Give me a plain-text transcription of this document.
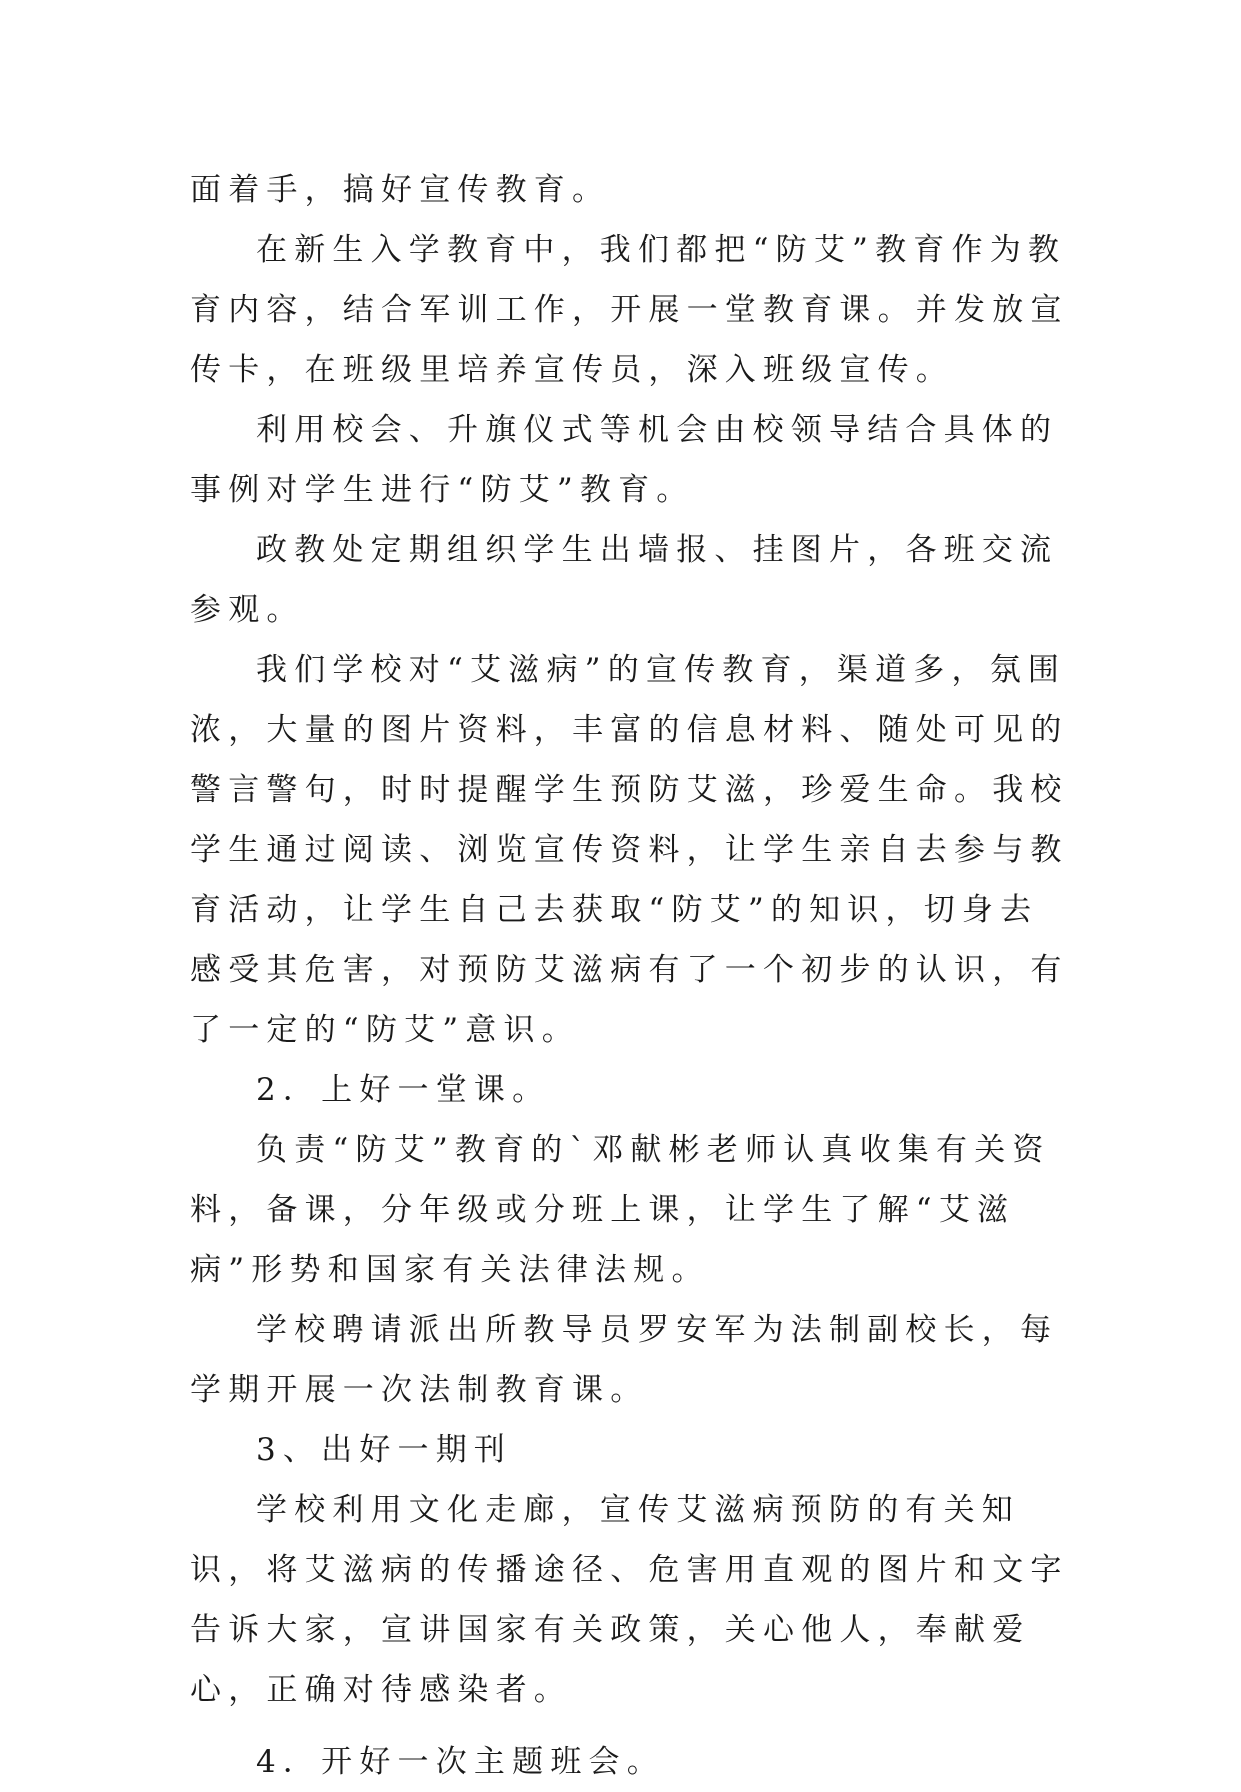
面着手，搞好宣传教育。

在新生入学教育中，我们都把“防艾”教育作为教育内容，结合军训工作，开展一堂教育课。并发放宣传卡，在班级里培养宣传员，深入班级宣传。

利用校会、升旗仪式等机会由校领导结合具体的事例对学生进行“防艾”教育。

政教处定期组织学生出墙报、挂图片，各班交流参观。

我们学校对“艾滋病”的宣传教育，渠道多，氛围浓，大量的图片资料，丰富的信息材料、随处可见的警言警句，时时提醒学生预防艾滋，珍爱生命。我校学生通过阅读、浏览宣传资料，让学生亲自去参与教育活动，让学生自己去获取“防艾”的知识，切身去感受其危害，对预防艾滋病有了一个初步的认识，有了一定的“防艾”意识。

2．上好一堂课。

负责“防艾”教育的`邓献彬老师认真收集有关资料，备课，分年级或分班上课，让学生了解“艾滋病”形势和国家有关法律法规。

学校聘请派出所教导员罗安军为法制副校长，每学期开展一次法制教育课。

3、出好一期刊

学校利用文化走廊，宣传艾滋病预防的有关知识，将艾滋病的传播途径、危害用直观的图片和文字告诉大家，宣讲国家有关政策，关心他人，奉献爱心，正确对待感染者。

4．开好一次主题班会。
